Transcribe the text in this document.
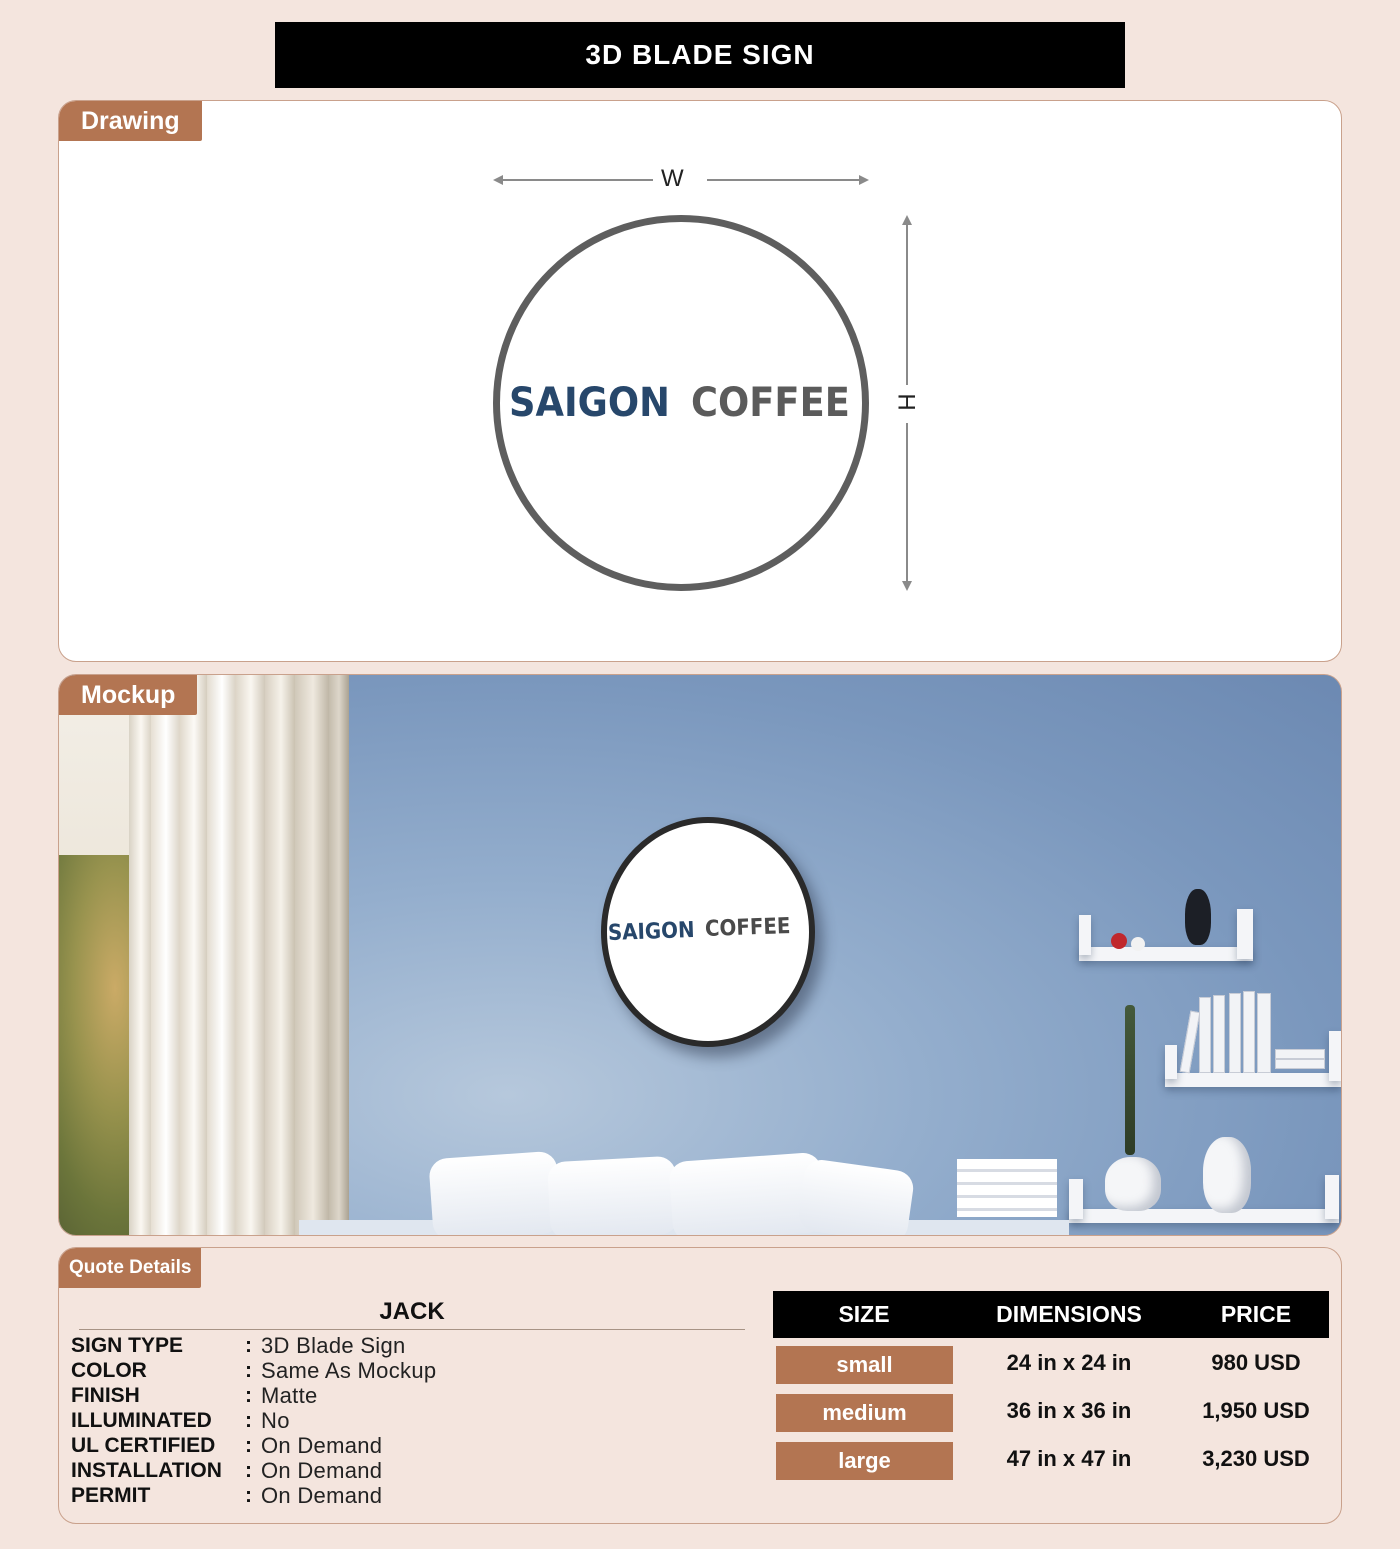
3D BLADE SIGN
Drawing
W
H
SAIGON COFFEE
Mockup
SAIGON COFFEE
Quote Details
JACK
SIGN TYPE	: 3D Blade Sign
COLOR	: Same As Mockup
FINISH	: Matte
ILLUMINATED	: No
UL CERTIFIED	: On Demand
INSTALLATION	: On Demand
PERMIT	: On Demand
SIZE	DIMENSIONS	PRICE
small	24 in x 24 in	980 USD
medium	36 in x 36 in	1,950 USD
large	47 in x 47 in	3,230 USD
